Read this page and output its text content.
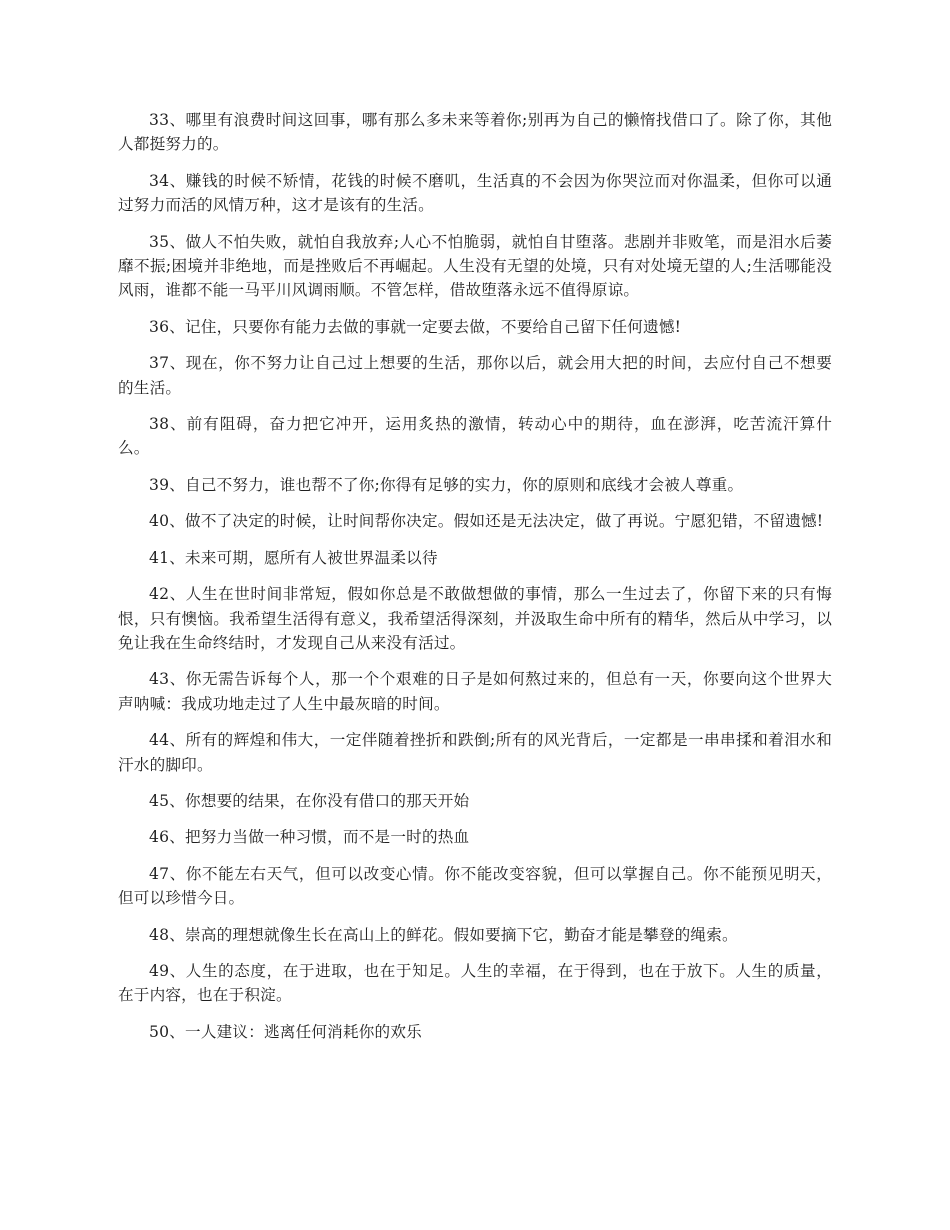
33、哪里有浪费时间这回事，哪有那么多未来等着你;别再为自己的懒惰找借口了。除了你，其他人都挺努力的。

34、赚钱的时候不矫情，花钱的时候不磨叽，生活真的不会因为你哭泣而对你温柔，但你可以通过努力而活的风情万种，这才是该有的生活。

35、做人不怕失败，就怕自我放弃;人心不怕脆弱，就怕自甘堕落。悲剧并非败笔，而是泪水后萎靡不振;困境并非绝地，而是挫败后不再崛起。人生没有无望的处境，只有对处境无望的人;生活哪能没风雨，谁都不能一马平川风调雨顺。不管怎样，借故堕落永远不值得原谅。

36、记住，只要你有能力去做的事就一定要去做，不要给自己留下任何遗憾!

37、现在，你不努力让自己过上想要的生活，那你以后，就会用大把的时间，去应付自己不想要的生活。

38、前有阻碍，奋力把它冲开，运用炙热的激情，转动心中的期待，血在澎湃，吃苦流汗算什么。

39、自己不努力，谁也帮不了你;你得有足够的实力，你的原则和底线才会被人尊重。

40、做不了决定的时候，让时间帮你决定。假如还是无法决定，做了再说。宁愿犯错，不留遗憾!

41、未来可期，愿所有人被世界温柔以待

42、人生在世时间非常短，假如你总是不敢做想做的事情，那么一生过去了，你留下来的只有悔恨，只有懊恼。我希望生活得有意义，我希望活得深刻，并汲取生命中所有的精华，然后从中学习，以免让我在生命终结时，才发现自己从来没有活过。

43、你无需告诉每个人，那一个个艰难的日子是如何熬过来的，但总有一天，你要向这个世界大声呐喊：我成功地走过了人生中最灰暗的时间。

44、所有的辉煌和伟大，一定伴随着挫折和跌倒;所有的风光背后，一定都是一串串揉和着泪水和汗水的脚印。

45、你想要的结果，在你没有借口的那天开始

46、把努力当做一种习惯，而不是一时的热血

47、你不能左右天气，但可以改变心情。你不能改变容貌，但可以掌握自己。你不能预见明天，但可以珍惜今日。

48、崇高的理想就像生长在高山上的鲜花。假如要摘下它，勤奋才能是攀登的绳索。

49、人生的态度，在于进取，也在于知足。人生的幸福，在于得到，也在于放下。人生的质量，在于内容，也在于积淀。

50、一人建议：逃离任何消耗你的欢乐
